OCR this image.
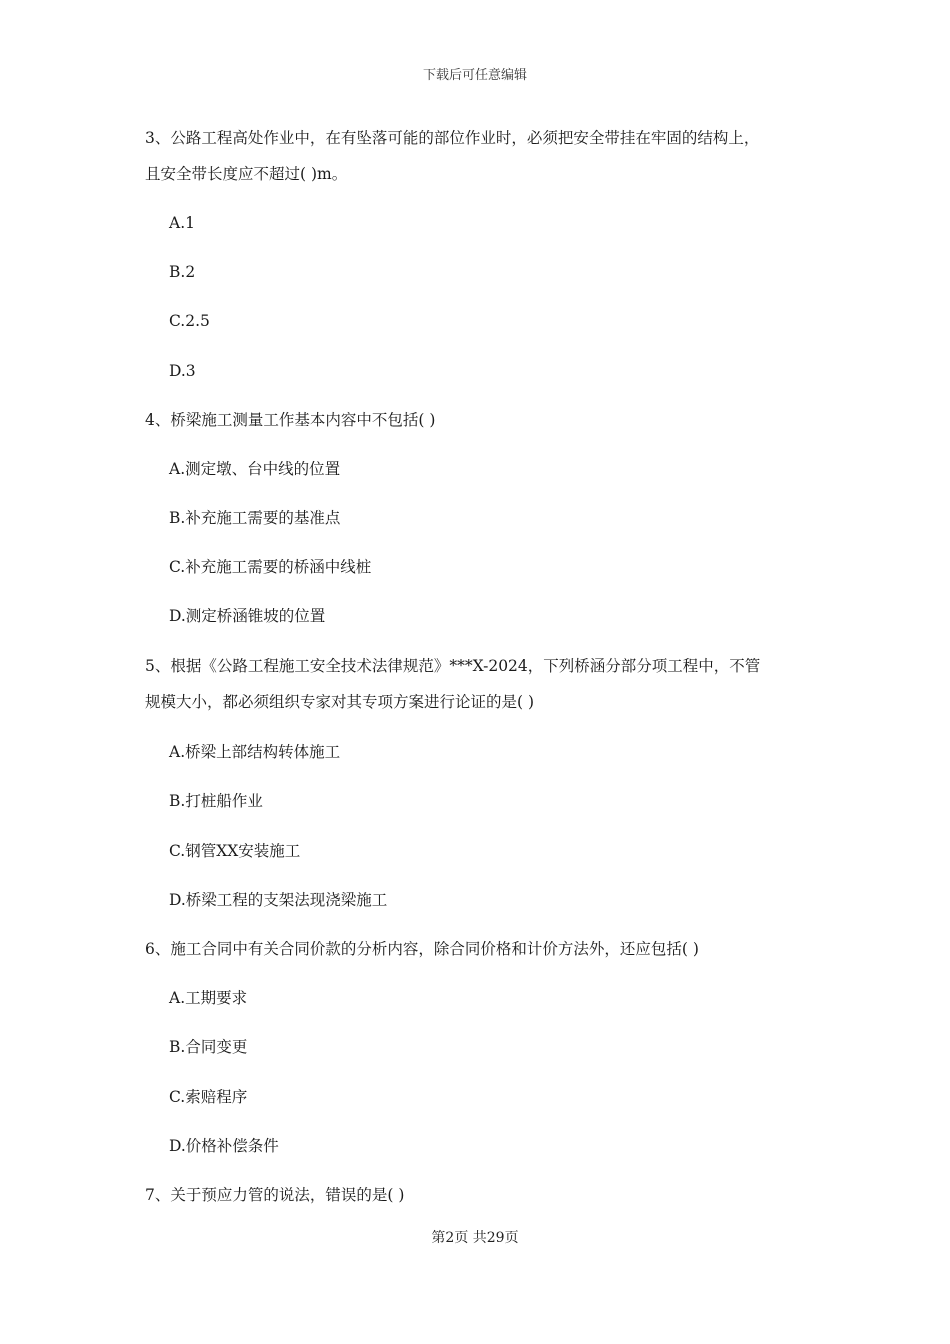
下载后可任意编辑
3、公路工程高处作业中，在有坠落可能的部位作业时，必须把安全带挂在牢固的结构上，
且安全带长度应不超过( )m。
A.1
B.2
C.2.5
D.3
4、桥梁施工测量工作基本内容中不包括( )
A.测定墩、台中线的位置
B.补充施工需要的基准点
C.补充施工需要的桥涵中线桩
D.测定桥涵锥坡的位置
5、根据《公路工程施工安全技术法律规范》***X-2024，下列桥涵分部分项工程中，不管
规模大小，都必须组织专家对其专项方案进行论证的是( )
A.桥梁上部结构转体施工
B.打桩船作业
C.钢管XX安装施工
D.桥梁工程的支架法现浇梁施工
6、施工合同中有关合同价款的分析内容，除合同价格和计价方法外，还应包括( )
A.工期要求
B.合同变更
C.索赔程序
D.价格补偿条件
7、关于预应力管的说法，错误的是( )
第2页 共29页
